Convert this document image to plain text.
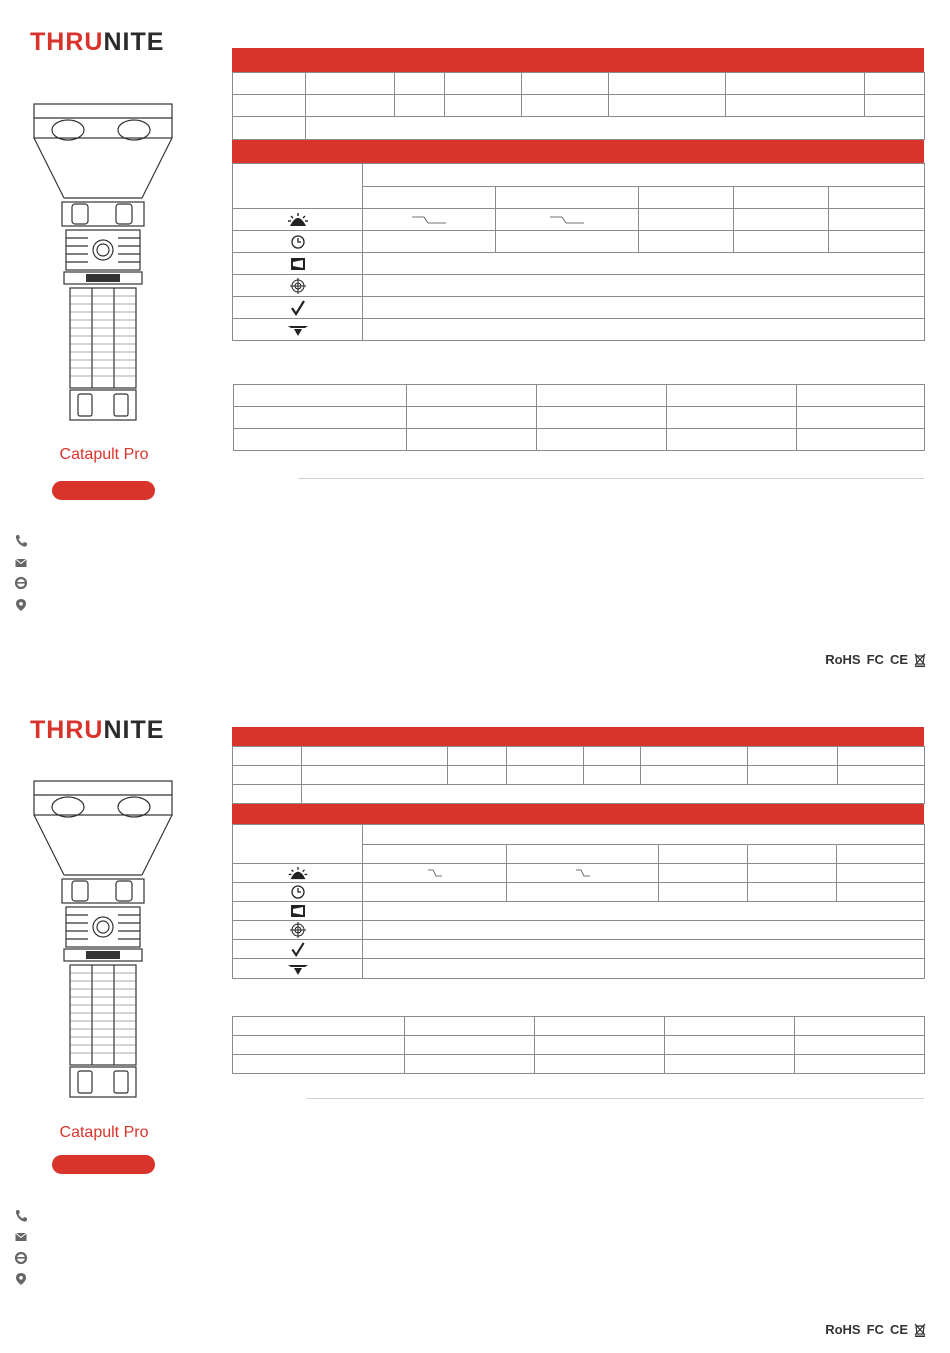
THRUNITE
Catapult Pro

RoHS FC CE
THRUNITE
Catapult Pro

RoHS FC CE
